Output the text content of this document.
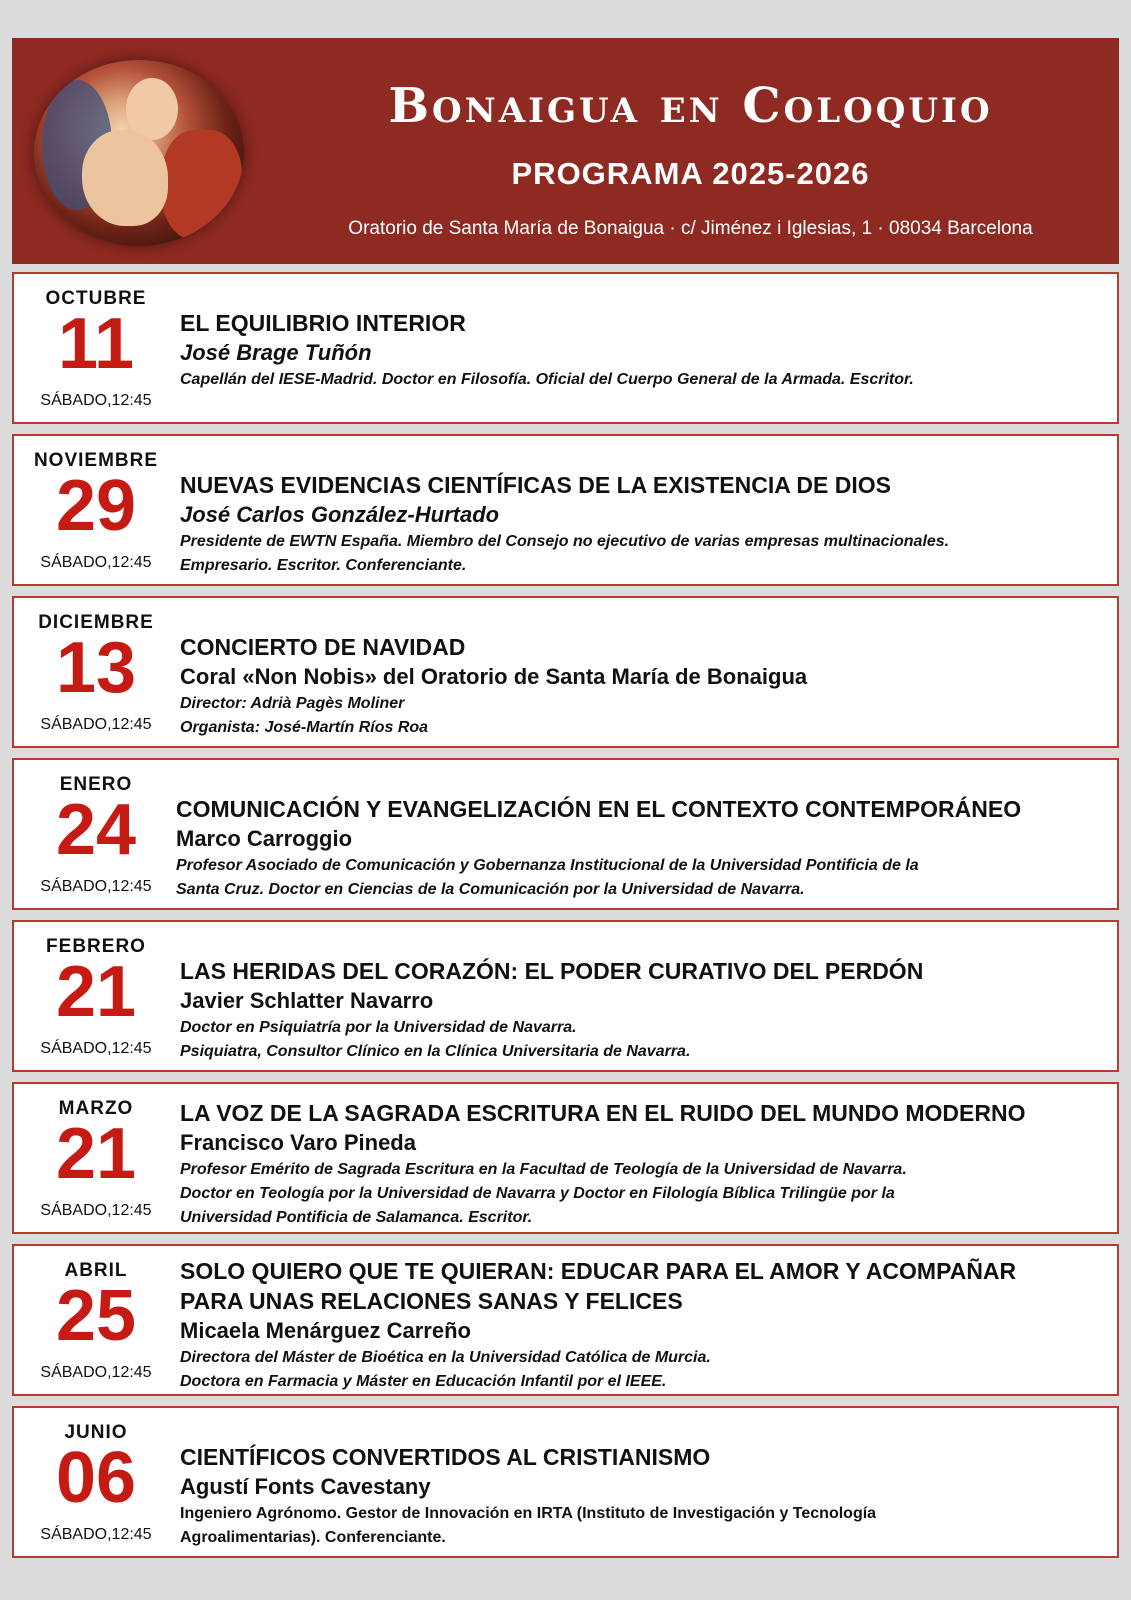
Bonaigua en Coloquio
PROGRAMA 2025-2026
Oratorio de Santa María de Bonaigua · c/ Jiménez i Iglesias, 1 · 08034 Barcelona
OCTUBRE
11
SÁBADO,12:45
EL EQUILIBRIO INTERIOR
José Brage Tuñón
Capellán del IESE-Madrid. Doctor en Filosofía. Oficial del Cuerpo General de la Armada. Escritor.
NOVIEMBRE
29
SÁBADO,12:45
NUEVAS EVIDENCIAS CIENTÍFICAS DE LA EXISTENCIA DE DIOS
José Carlos González-Hurtado
Presidente de EWTN España. Miembro del Consejo no ejecutivo de varias empresas multinacionales.
Empresario. Escritor. Conferenciante.
DICIEMBRE
13
SÁBADO,12:45
CONCIERTO DE NAVIDAD
Coral «Non Nobis» del Oratorio de Santa María de Bonaigua
Director: Adrià Pagès Moliner
Organista: José-Martín Ríos Roa
ENERO
24
SÁBADO,12:45
COMUNICACIÓN Y EVANGELIZACIÓN EN EL CONTEXTO CONTEMPORÁNEO
Marco Carroggio
Profesor Asociado de Comunicación y Gobernanza Institucional de la Universidad Pontificia de la
Santa Cruz. Doctor en Ciencias de la Comunicación por la Universidad de Navarra.
FEBRERO
21
SÁBADO,12:45
LAS HERIDAS DEL CORAZÓN: EL PODER CURATIVO DEL PERDÓN
Javier Schlatter Navarro
Doctor en Psiquiatría por la Universidad de Navarra.
Psiquiatra, Consultor Clínico en la Clínica Universitaria de Navarra.
MARZO
21
SÁBADO,12:45
LA VOZ DE LA SAGRADA ESCRITURA EN EL RUIDO DEL MUNDO MODERNO
Francisco Varo Pineda
Profesor Emérito de Sagrada Escritura en la Facultad de Teología de la Universidad de Navarra.
Doctor en Teología por la Universidad de Navarra y Doctor en Filología Bíblica Trilingüe por la
Universidad Pontificia de Salamanca. Escritor.
ABRIL
25
SÁBADO,12:45
SOLO QUIERO QUE TE QUIERAN: EDUCAR PARA EL AMOR Y ACOMPAÑAR
PARA UNAS RELACIONES SANAS Y FELICES
Micaela Menárguez Carreño
Directora del Máster de Bioética en la Universidad Católica de Murcia.
Doctora en Farmacia y Máster en Educación Infantil por el IEEE.
JUNIO
06
SÁBADO,12:45
CIENTÍFICOS CONVERTIDOS AL CRISTIANISMO
Agustí Fonts Cavestany
Ingeniero Agrónomo. Gestor de Innovación en IRTA (Instituto de Investigación y Tecnología
Agroalimentarias). Conferenciante.
